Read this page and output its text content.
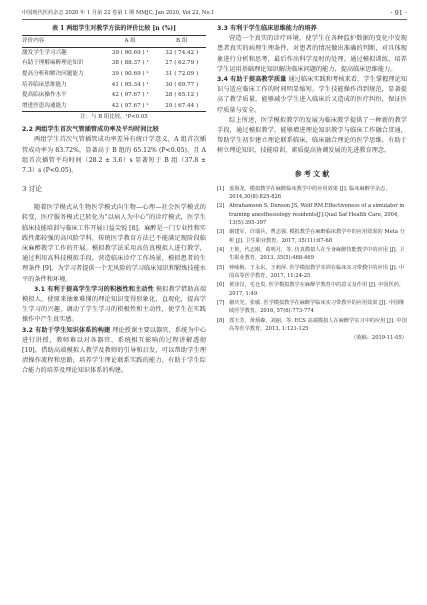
中国现代医药杂志 2020 年 1 月第 22 卷第 1 期 MMJC, Jan 2020, Vol 22, No.1	· 91 ·
表 1 两组学生对教学方法的评价比较 [n (%)]
评价内容	A 组	B 组
激发学生学习兴趣	39 ( 90.69 ) ¹	32 ( 74.42 )
有助于理解麻醉理论知识	38 ( 88.37 ) ¹	27 ( 62.79 )
提高分析和解决问题能力	39 ( 90.69 ) ¹	31 ( 72.09 )
培养临床思维能力	41 ( 95.34 ) ¹	30 ( 69.77 )
提高临床操作水平	42 ( 97.67 ) ¹	28 ( 65.12 )
增进医患沟通能力	42 ( 97.67 ) ¹	29 ( 67.44 )
注：与 B 组比较，¹P<0.05
2.2 两组学生首次气管插管成功率及平均时间比较

两组学生首次气管插管成功率差异有统计学意义，A 组首次插管成功率为 83.72%，显著高于 B 组的 65.12% (P<0.05)，且 A 组首次插管平均时间（28.2 ± 3.6）s 显著短于 B 组（37.8 ± 7.3）s (P<0.05)。

3 讨论

随着医学模式从生物医学模式向生物—心理—社会医学模式的转变，医疗服务模式已转化为“以病人为中心”的诊疗模式，医学生临床技能培训与临床工作开展日益尖锐 [8]。麻醉是一门专业性和实践性都较强的高风险学科，传统医学教育方法已不能满足现阶段临床麻醉教学工作的开展。模拟教学法采用高仿真模拟人进行教学，通过利用高科技模拟手段，营造临床诊疗工作场景，模拟患者的生理条件 [9]，为学习者提供一个无风险的学习临床知识和锻炼技能水平的条件和环境。

3.1 有利于提高学生学习的积极性和主动性 模拟教学借助高端模拟人，使原来抽象难懂的理论知识变得形象化、直观化，提高学生学习的兴趣，调动了学生学习的积极性和主动性，使学生在实践操作中产生真实感。

3.2 有助于学生知识体系的构建 理论授课主要以器官、系统为中心进行讲授，教师难以对各器官、系统相互影响的过程讲解透彻 [10]，借助高端模拟人教学及教师的引导和启发，可以帮助学生理清操作流程和思路，培养学生理论联系实践的能力，有助于学生综合能力的培养及理论知识体系的构建。

3.3 有利于学生临床思维能力的培养

营造一个真实的诊疗环境，使学生在各种监护数据的变化中发现患者真实的病理生理条件，对患者的情况做出准确的判断，对具体现象进行分析和思考，最后作出科学及时的处理。通过模拟训练，培养学生运用基础理论知识解决临床问题的能力，提高临床思维能力。

3.4 有助于提高教学质量 通过临床实践和考核来看，学生掌握理论知识与适应临床工作的时间明显缩短，学生技能操作得到规范，显著提高了教学质量，能够减少学生进入临床后又造成的医疗纠纷，保证医疗质量与安全。

综上所述，医学模拟教学的发展为临床教学提供了一种新的教学手段，通过模拟教学，能够增进理论知识教学与临床工作融合贯通，帮助学生初步建立理论联系临床，临床融合理论的医学思维，有助于树立理论知识、技能培训、素质提高协调发展的先进教育理念。

参 考 文 献
[1] 姜海龙，模拟教学在麻醉临床教学中的应用效果 [J]. 临床麻醉学杂志，2014,30(8):825-826
[2] Abrahamson S, Denson JS, Wolf RM.Effectiveness of a simulator in training anesthesiology residents[J].Qual Saf Health Care, 2004, 13(5):395-397
[3] 谢建军，许瑞兵，曹志强. 模拟教学在麻醉临床教学中的应用效果的 Meta 分析 [J]. 卫生职业教育，2017, 35(11):67-68
[4] 王艳，代志刚，葛明月，等. 仿真模拟人在全身麻醉技能教学中的应用 [J]. 卫生职业教育，2013, 35(5):468-469
[5] 钟咏梅，王永东，王莉萍. 医学模拟教学实训在临床实习带教中的应用 [J]. 中国高等医学教育，2017, 11:24-25
[6] 黄泽汉，毛仓贵. 医学模拟教学在麻醉学教育中的意义及作用 [J]. 中国医药，2017, 1:49
[7] 谢庆光，张敏. 医学模拟教学在麻醉学临床实习带教中的应用效果 [J]. 中国继续医学教育，2016, 57(6):773-774
[8] 郑玉芳，黄炳森，刘丽，等. ECS 高端模拟人在麻醉学实习中的应用 [J]. 中国高等医学教育，2013, 1:121-125
（收稿：2019-11-05）
